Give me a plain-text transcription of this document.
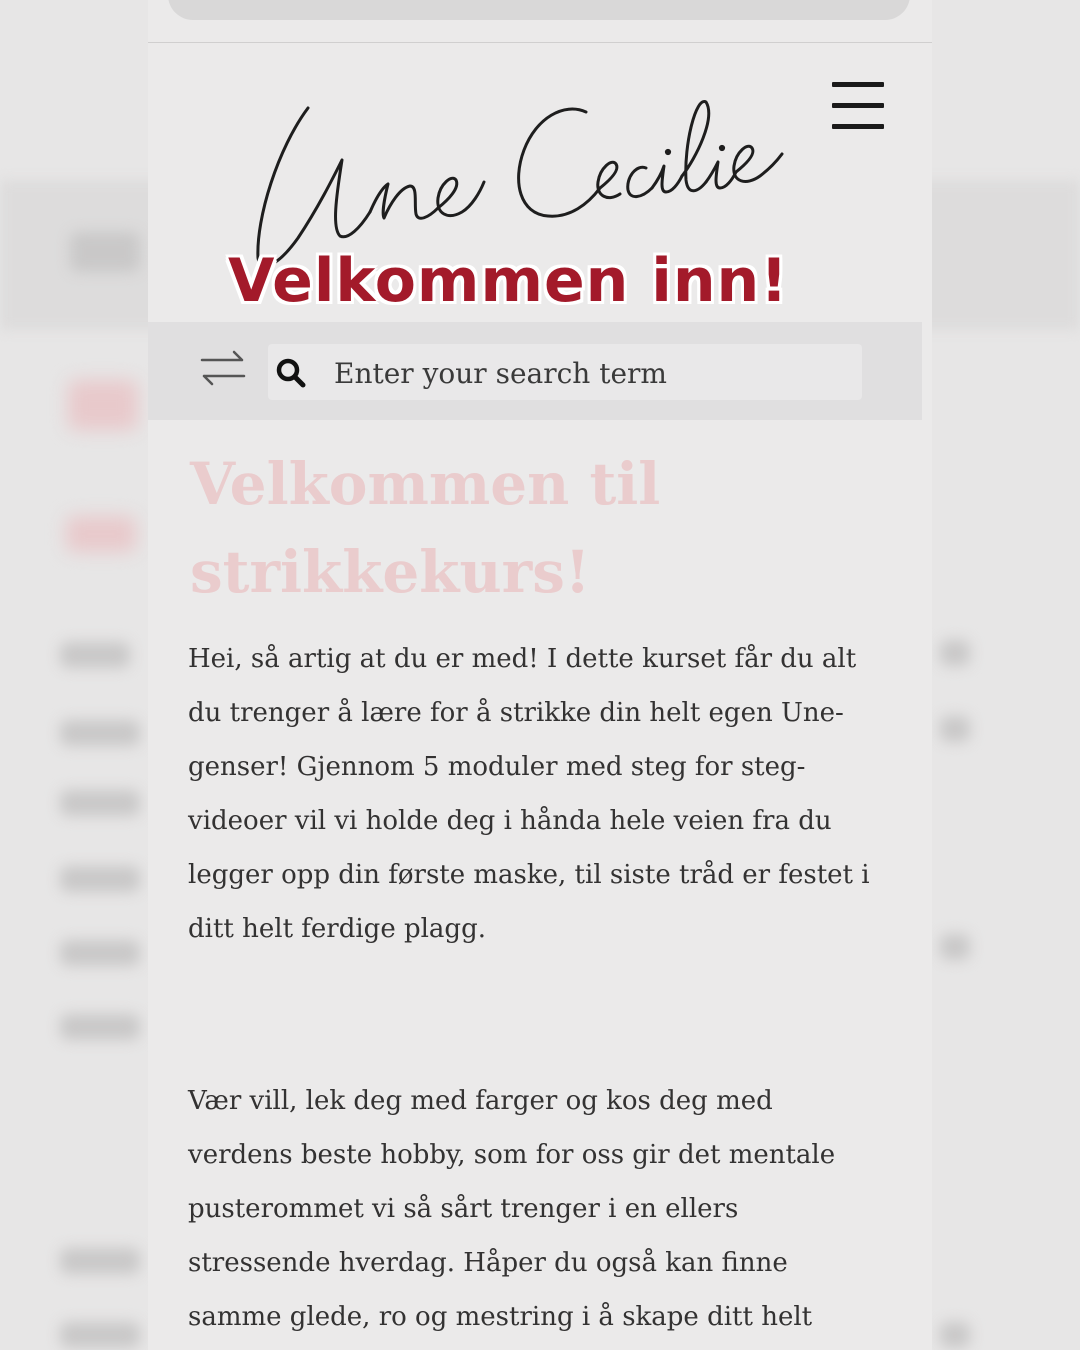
Enter your search term
Velkommen til strikkekurs!

Hei, så artig at du er med! I dette kurset får du alt du trenger å lære for å strikke din helt egen Une-genser! Gjennom 5 moduler med steg for steg-videoer vil vi holde deg i hånda hele veien fra du legger opp din første maske, til siste tråd er festet i ditt helt ferdige plagg.

Vær vill, lek deg med farger og kos deg med verdens beste hobby, som for oss gir det mentale pusterommet vi så sårt trenger i en ellers stressende hverdag. Håper du også kan finne samme glede, ro og mestring i å skape ditt helt

Velkommen inn!
